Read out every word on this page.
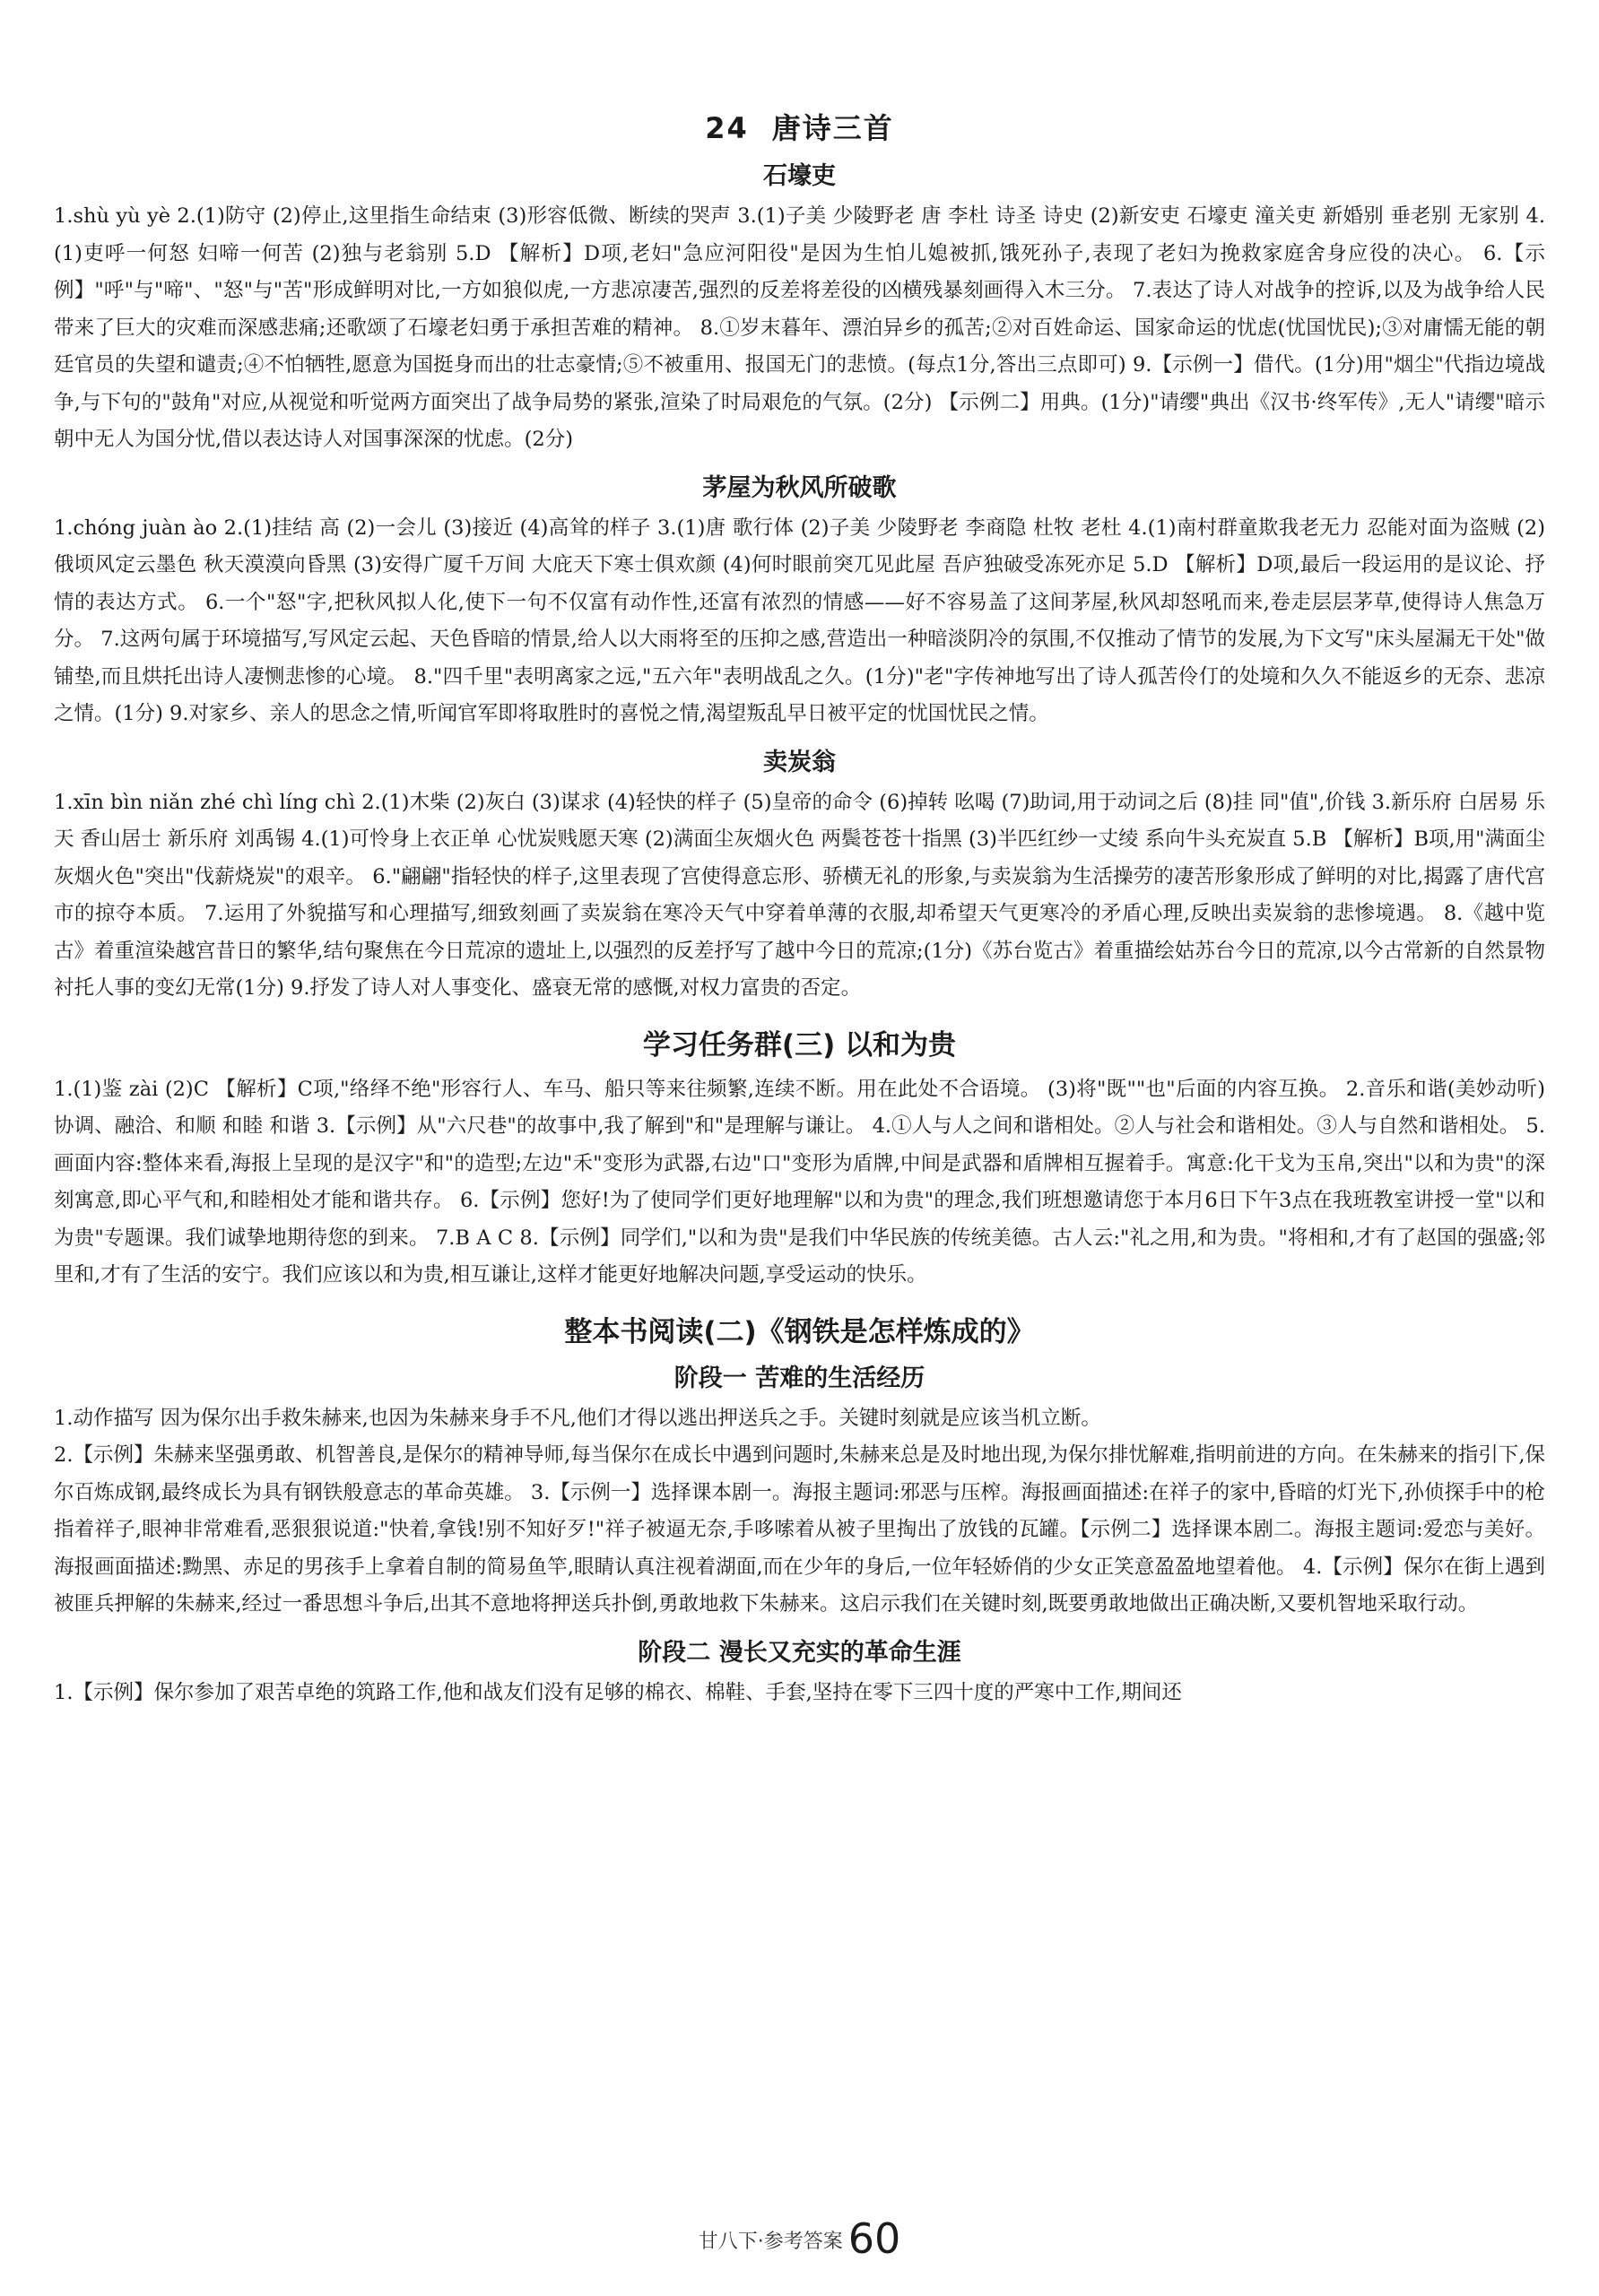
24 唐诗三首
石壕吏

1.shù yù yè 2.(1)防守 (2)停止,这里指生命结束 (3)形容低微、断续的哭声 3.(1)子美 少陵野老 唐 李杜 诗圣 诗史 (2)新安吏 石壕吏 潼关吏 新婚别 垂老别 无家别 4.(1)吏呼一何怒 妇啼一何苦 (2)独与老翁别 5.D 【解析】D项,老妇"急应河阳役"是因为生怕儿媳被抓,饿死孙子,表现了老妇为挽救家庭舍身应役的决心。 6.【示例】"呼"与"啼"、"怒"与"苦"形成鲜明对比,一方如狼似虎,一方悲凉凄苦,强烈的反差将差役的凶横残暴刻画得入木三分。 7.表达了诗人对战争的控诉,以及为战争给人民带来了巨大的灾难而深感悲痛;还歌颂了石壕老妇勇于承担苦难的精神。 8.①岁末暮年、漂泊异乡的孤苦;②对百姓命运、国家命运的忧虑(忧国忧民);③对庸懦无能的朝廷官员的失望和谴责;④不怕牺牲,愿意为国挺身而出的壮志豪情;⑤不被重用、报国无门的悲愤。(每点1分,答出三点即可) 9.【示例一】借代。(1分)用"烟尘"代指边境战争,与下句的"鼓角"对应,从视觉和听觉两方面突出了战争局势的紧张,渲染了时局艰危的气氛。(2分) 【示例二】用典。(1分)"请缨"典出《汉书·终军传》,无人"请缨"暗示朝中无人为国分忧,借以表达诗人对国事深深的忧虑。(2分)

茅屋为秋风所破歌

1.chóng juàn ào 2.(1)挂结 高 (2)一会儿 (3)接近 (4)高耸的样子 3.(1)唐 歌行体 (2)子美 少陵野老 李商隐 杜牧 老杜 4.(1)南村群童欺我老无力 忍能对面为盗贼 (2)俄顷风定云墨色 秋天漠漠向昏黑 (3)安得广厦千万间 大庇天下寒士俱欢颜 (4)何时眼前突兀见此屋 吾庐独破受冻死亦足 5.D 【解析】D项,最后一段运用的是议论、抒情的表达方式。 6.一个"怒"字,把秋风拟人化,使下一句不仅富有动作性,还富有浓烈的情感——好不容易盖了这间茅屋,秋风却怒吼而来,卷走层层茅草,使得诗人焦急万分。 7.这两句属于环境描写,写风定云起、天色昏暗的情景,给人以大雨将至的压抑之感,营造出一种暗淡阴冷的氛围,不仅推动了情节的发展,为下文写"床头屋漏无干处"做铺垫,而且烘托出诗人凄恻悲惨的心境。 8."四千里"表明离家之远,"五六年"表明战乱之久。(1分)"老"字传神地写出了诗人孤苦伶仃的处境和久久不能返乡的无奈、悲凉之情。(1分) 9.对家乡、亲人的思念之情,听闻官军即将取胜时的喜悦之情,渴望叛乱早日被平定的忧国忧民之情。

卖炭翁

1.xīn bìn niǎn zhé chì líng chì 2.(1)木柴 (2)灰白 (3)谋求 (4)轻快的样子 (5)皇帝的命令 (6)掉转 吆喝 (7)助词,用于动词之后 (8)挂 同"值",价钱 3.新乐府 白居易 乐天 香山居士 新乐府 刘禹锡 4.(1)可怜身上衣正单 心忧炭贱愿天寒 (2)满面尘灰烟火色 两鬓苍苍十指黑 (3)半匹红纱一丈绫 系向牛头充炭直 5.B 【解析】B项,用"满面尘灰烟火色"突出"伐薪烧炭"的艰辛。 6."翩翩"指轻快的样子,这里表现了宫使得意忘形、骄横无礼的形象,与卖炭翁为生活操劳的凄苦形象形成了鲜明的对比,揭露了唐代宫市的掠夺本质。 7.运用了外貌描写和心理描写,细致刻画了卖炭翁在寒冷天气中穿着单薄的衣服,却希望天气更寒冷的矛盾心理,反映出卖炭翁的悲惨境遇。 8.《越中览古》着重渲染越宫昔日的繁华,结句聚焦在今日荒凉的遗址上,以强烈的反差抒写了越中今日的荒凉;(1分)《苏台览古》着重描绘姑苏台今日的荒凉,以今古常新的自然景物衬托人事的变幻无常(1分) 9.抒发了诗人对人事变化、盛衰无常的感慨,对权力富贵的否定。

学习任务群(三) 以和为贵

1.(1)鉴 zài (2)C 【解析】C项,"络绎不绝"形容行人、车马、船只等来往频繁,连续不断。用在此处不合语境。 (3)将"既""也"后面的内容互换。 2.音乐和谐(美妙动听) 协调、融洽、和顺 和睦 和谐 3.【示例】从"六尺巷"的故事中,我了解到"和"是理解与谦让。 4.①人与人之间和谐相处。②人与社会和谐相处。③人与自然和谐相处。 5.画面内容:整体来看,海报上呈现的是汉字"和"的造型;左边"禾"变形为武器,右边"口"变形为盾牌,中间是武器和盾牌相互握着手。寓意:化干戈为玉帛,突出"以和为贵"的深刻寓意,即心平气和,和睦相处才能和谐共存。 6.【示例】您好!为了使同学们更好地理解"以和为贵"的理念,我们班想邀请您于本月6日下午3点在我班教室讲授一堂"以和为贵"专题课。我们诚挚地期待您的到来。 7.B A C 8.【示例】同学们,"以和为贵"是我们中华民族的传统美德。古人云:"礼之用,和为贵。"将相和,才有了赵国的强盛;邻里和,才有了生活的安宁。我们应该以和为贵,相互谦让,这样才能更好地解决问题,享受运动的快乐。

整本书阅读(二)《钢铁是怎样炼成的》
阶段一 苦难的生活经历

1.动作描写 因为保尔出手救朱赫来,也因为朱赫来身手不凡,他们才得以逃出押送兵之手。关键时刻就是应该当机立断。

2.【示例】朱赫来坚强勇敢、机智善良,是保尔的精神导师,每当保尔在成长中遇到问题时,朱赫来总是及时地出现,为保尔排忧解难,指明前进的方向。在朱赫来的指引下,保尔百炼成钢,最终成长为具有钢铁般意志的革命英雄。 3.【示例一】选择课本剧一。海报主题词:邪恶与压榨。海报画面描述:在祥子的家中,昏暗的灯光下,孙侦探手中的枪指着祥子,眼神非常难看,恶狠狠说道:"快着,拿钱!别不知好歹!"祥子被逼无奈,手哆嗦着从被子里掏出了放钱的瓦罐。【示例二】选择课本剧二。海报主题词:爱恋与美好。海报画面描述:黝黑、赤足的男孩手上拿着自制的简易鱼竿,眼睛认真注视着湖面,而在少年的身后,一位年轻娇俏的少女正笑意盈盈地望着他。 4.【示例】保尔在街上遇到被匪兵押解的朱赫来,经过一番思想斗争后,出其不意地将押送兵扑倒,勇敢地救下朱赫来。这启示我们在关键时刻,既要勇敢地做出正确决断,又要机智地采取行动。

阶段二 漫长又充实的革命生涯

1.【示例】保尔参加了艰苦卓绝的筑路工作,他和战友们没有足够的棉衣、棉鞋、手套,坚持在零下三四十度的严寒中工作,期间还

甘八下·参考答案 60
